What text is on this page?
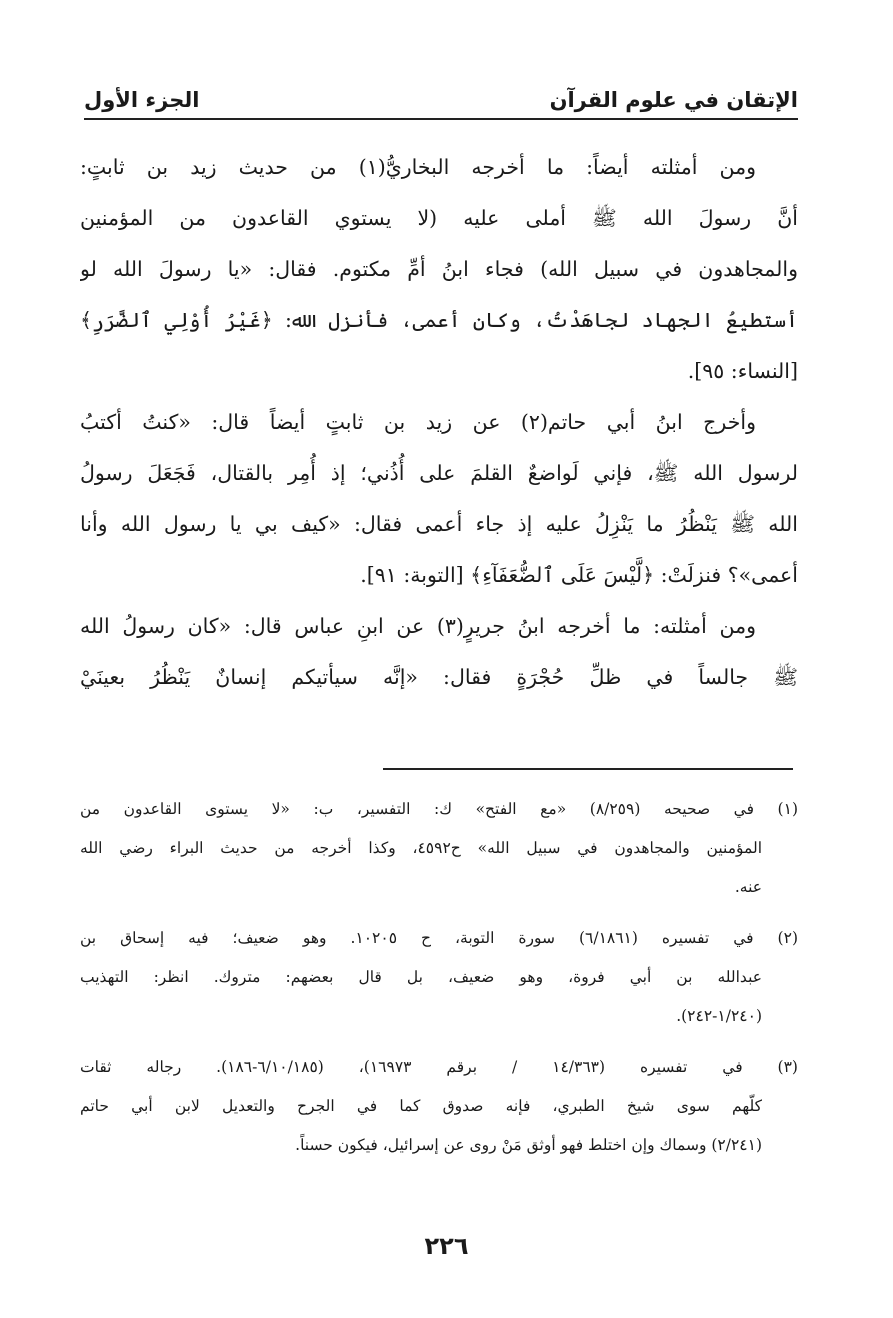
الإتقان في علوم القرآن
الجزء الأول
ومن أمثلته أيضاً: ما أخرجه البخاريُّ(١) من حديث زيد بن ثابتٍ:
أنَّ رسولَ الله ﷺ أملى عليه (لا يستوي القاعدون من المؤمنين
والمجاهدون في سبيل الله) فجاء ابنُ أمِّ مكتوم. فقال: «يا رسولَ الله لو
أستطيعُ الجهاد لجاهَدْتُ، وكان أعمى، فأنزل الله: ﴿غَيْرُ أُوْلِي ٱلضَّرَرِ﴾
[النساء: ٩٥].
وأخرج ابنُ أبي حاتم(٢) عن زيد بن ثابتٍ أيضاً قال: «كنتُ أكتبُ
لرسول الله ﷺ، فإني لَواضعٌ القلمَ على أُذُني؛ إذ أُمِر بالقتال، فَجَعَلَ رسولُ
الله ﷺ يَنْظُرُ ما يَنْزِلُ عليه إذ جاء أعمى فقال: «كيف بي يا رسول الله وأنا
أعمى»؟ فنزلَتْ: ﴿لَّيْسَ عَلَى ٱلضُّعَفَآءِ﴾ [التوبة: ٩١].
ومن أمثلته: ما أخرجه ابنُ جريرٍ(٣) عن ابنِ عباس قال: «كان رسولُ الله
ﷺ جالساً في ظلِّ حُجْرَةٍ فقال: «إنَّه سيأتيكم إنسانٌ يَنْظُرُ بعينَيْ
(١) في صحيحه (٨/٢٥٩) «مع الفتح» ك: التفسير، ب: «لا يستوى القاعدون من
المؤمنين والمجاهدون في سبيل الله» ح٤٥٩٢، وكذا أخرجه من حديث البراء رضي الله
عنه.
(٢) في تفسيره (٦/١٨٦١) سورة التوبة، ح ١٠٢٠٥. وهو ضعيف؛ فيه إسحاق بن
عبدالله بن أبي فروة، وهو ضعيف، بل قال بعضهم: متروك. انظر: التهذيب
(١/٢٤٠-٢٤٢).
(٣) في تفسيره (١٤/٣٦٣ / برقم ١٦٩٧٣)، (٦/١٠/١٨٥-١٨٦). رجاله ثقات
كلّهم سوى شيخ الطبري، فإنه صدوق كما في الجرح والتعديل لابن أبي حاتم
(٢/٢٤١) وسماك وإن اختلط فهو أوثق مَنْ روى عن إسرائيل، فيكون حسناً.
٢٢٦
